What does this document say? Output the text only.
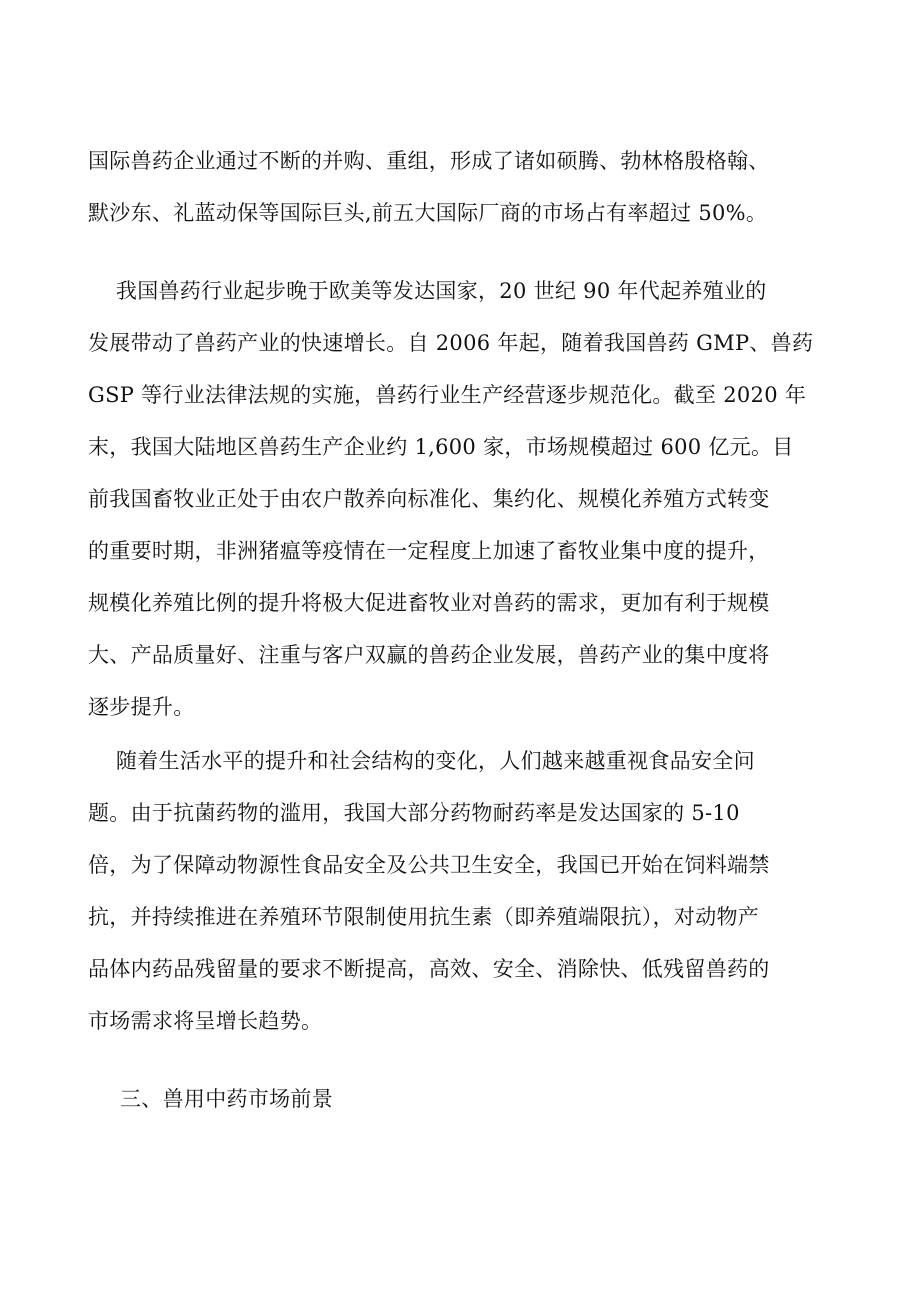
国际兽药企业通过不断的并购、重组，形成了诸如硕腾、勃林格殷格翰、
默沙东、礼蓝动保等国际巨头,前五大国际厂商的市场占有率超过 50%。
我国兽药行业起步晚于欧美等发达国家，20 世纪 90 年代起养殖业的
发展带动了兽药产业的快速增长。自 2006 年起，随着我国兽药 GMP、兽药
GSP 等行业法律法规的实施，兽药行业生产经营逐步规范化。截至 2020 年
末，我国大陆地区兽药生产企业约 1,600 家，市场规模超过 600 亿元。目
前我国畜牧业正处于由农户散养向标准化、集约化、规模化养殖方式转变
的重要时期，非洲猪瘟等疫情在一定程度上加速了畜牧业集中度的提升，
规模化养殖比例的提升将极大促进畜牧业对兽药的需求，更加有利于规模
大、产品质量好、注重与客户双赢的兽药企业发展，兽药产业的集中度将
逐步提升。
随着生活水平的提升和社会结构的变化，人们越来越重视食品安全问
题。由于抗菌药物的滥用，我国大部分药物耐药率是发达国家的 5-10
倍，为了保障动物源性食品安全及公共卫生安全，我国已开始在饲料端禁
抗，并持续推进在养殖环节限制使用抗生素（即养殖端限抗），对动物产
品体内药品残留量的要求不断提高，高效、安全、消除快、低残留兽药的
市场需求将呈增长趋势。
三、兽用中药市场前景
